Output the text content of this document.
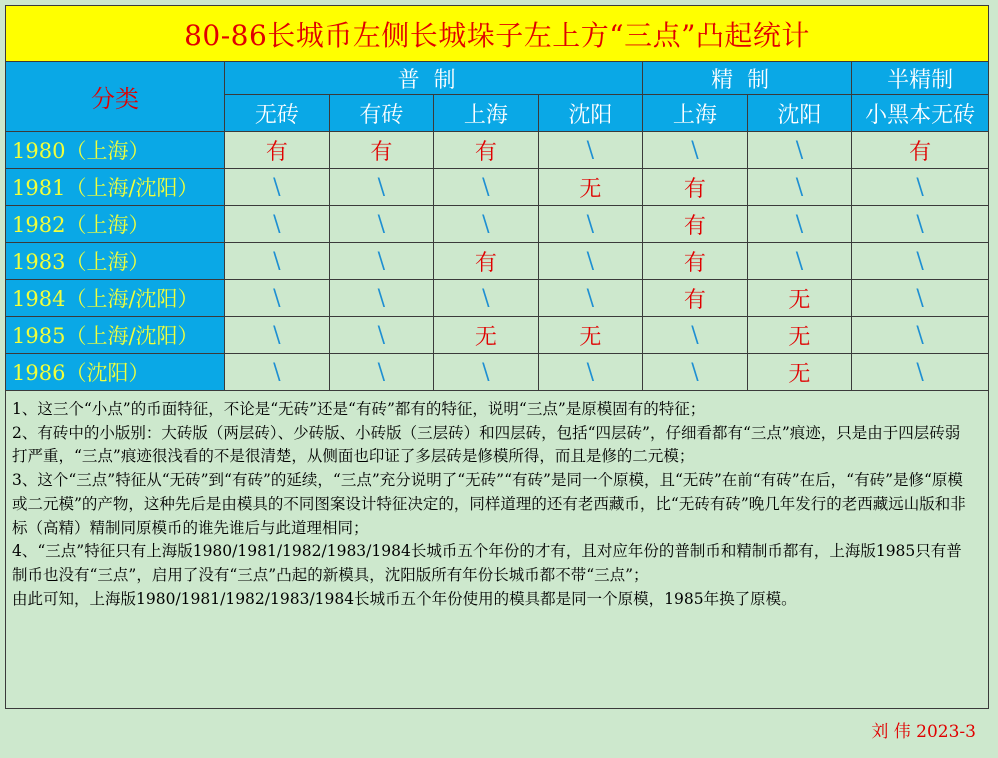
80-86长城币左侧长城垛子左上方“三点”凸起统计							
分类	普制				精制		半精制
	无砖	有砖	上海	沈阳	上海	沈阳	小黑本无砖
1980（上海）	有	有	有	\	\	\	有
1981（上海/沈阳）	\	\	\	无	有	\	\
1982（上海）	\	\	\	\	有	\	\
1983（上海）	\	\	有	\	有	\	\
1984（上海/沈阳）	\	\	\	\	有	无	\
1985（上海/沈阳）	\	\	无	无	\	无	\
1986（沈阳）	\	\	\	\	\	无	\

1、这三个“小点”的币面特征，不论是“无砖”还是“有砖”都有的特征，说明“三点”是原模固有的特征；

2、有砖中的小版别：大砖版（两层砖）、少砖版、小砖版（三层砖）和四层砖，包括“四层砖”，仔细看都有“三点”痕迹，只是由于四层砖弱打严重，“三点”痕迹很浅看的不是很清楚，从侧面也印证了多层砖是修模所得，而且是修的二元模；

3、这个“三点”特征从“无砖”到“有砖”的延续，“三点”充分说明了“无砖”“有砖”是同一个原模，且“无砖”在前“有砖”在后，“有砖”是修“原模或二元模”的产物，这种先后是由模具的不同图案设计特征决定的，同样道理的还有老西藏币，比“无砖有砖”晚几年发行的老西藏远山版和非标（高精）精制同原模币的谁先谁后与此道理相同；

4、“三点”特征只有上海版1980/1981/1982/1983/1984长城币五个年份的才有，且对应年份的普制币和精制币都有，上海版1985只有普制币也没有“三点”，启用了没有“三点”凸起的新模具，沈阳版所有年份长城币都不带“三点”；

由此可知，上海版1980/1981/1982/1983/1984长城币五个年份使用的模具都是同一个原模，1985年换了原模。							

刘 伟 2023-3
